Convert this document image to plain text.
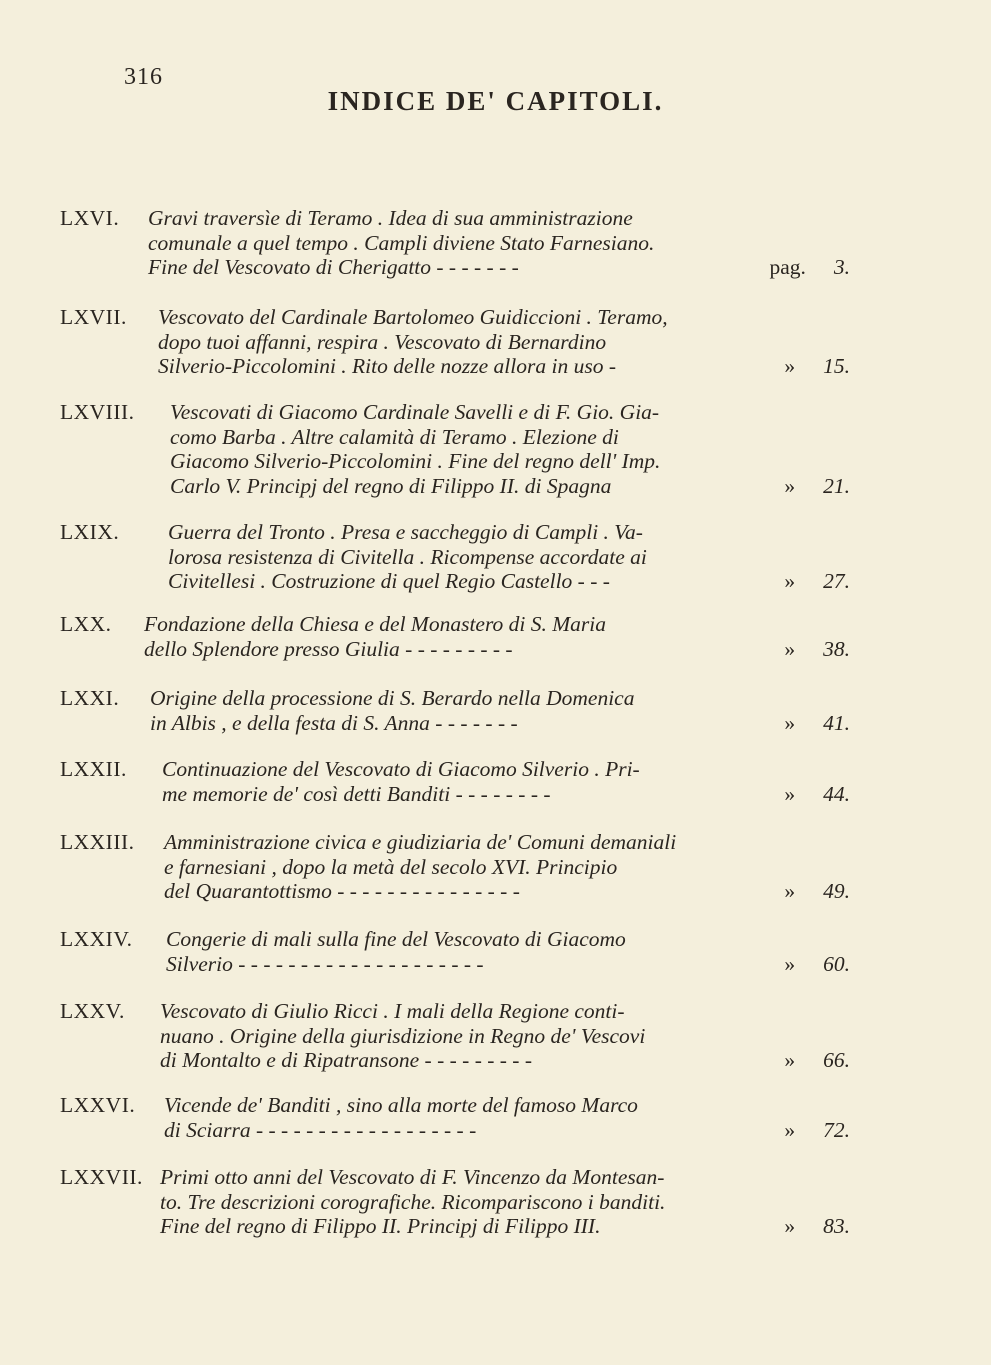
316
INDICE DE' CAPITOLI.
LXVI. Gravi traversìe di Teramo . Idea di sua amministrazione
comunale a quel tempo . Campli diviene Stato Farnesiano.
Fine del Vescovato di Cherigatto - - - - - - -	pag. 3.
LXVII. Vescovato del Cardinale Bartolomeo Guidiccioni . Teramo,
dopo tuoi affanni, respira . Vescovato di Bernardino
Silverio-Piccolomini . Rito delle nozze allora in uso -	» 15.
LXVIII. Vescovati di Giacomo Cardinale Savelli e di F. Gio. Gia-
como Barba . Altre calamità di Teramo . Elezione di
Giacomo Silverio-Piccolomini . Fine del regno dell' Imp.
Carlo V. Principj del regno di Filippo II. di Spagna	» 21.
LXIX. Guerra del Tronto . Presa e saccheggio di Campli . Va-
lorosa resistenza di Civitella . Ricompense accordate ai
Civitellesi . Costruzione di quel Regio Castello - - -	» 27.
LXX. Fondazione della Chiesa e del Monastero di S. Maria
dello Splendore presso Giulia - - - - - - - - -	» 38.
LXXI. Origine della processione di S. Berardo nella Domenica
in Albis , e della festa di S. Anna - - - - - - -	» 41.
LXXII. Continuazione del Vescovato di Giacomo Silverio . Pri-
me memorie de' così detti Banditi - - - - - - - -	» 44.
LXXIII. Amministrazione civica e giudiziaria de' Comuni demaniali
e farnesiani , dopo la metà del secolo XVI. Principio
del Quarantottismo - - - - - - - - - - - - - - -	» 49.
LXXIV. Congerie di mali sulla fine del Vescovato di Giacomo
Silverio - - - - - - - - - - - - - - - - - - - -	» 60.
LXXV. Vescovato di Giulio Ricci . I mali della Regione conti-
nuano . Origine della giurisdizione in Regno de' Vescovi
di Montalto e di Ripatransone - - - - - - - - -	» 66.
LXXVI. Vicende de' Banditi , sino alla morte del famoso Marco
di Sciarra - - - - - - - - - - - - - - - - - -	» 72.
LXXVII. Primi otto anni del Vescovato di F. Vincenzo da Montesan-
to. Tre descrizioni corografiche. Ricompariscono i banditi.
Fine del regno di Filippo II. Principj di Filippo III.	» 83.
